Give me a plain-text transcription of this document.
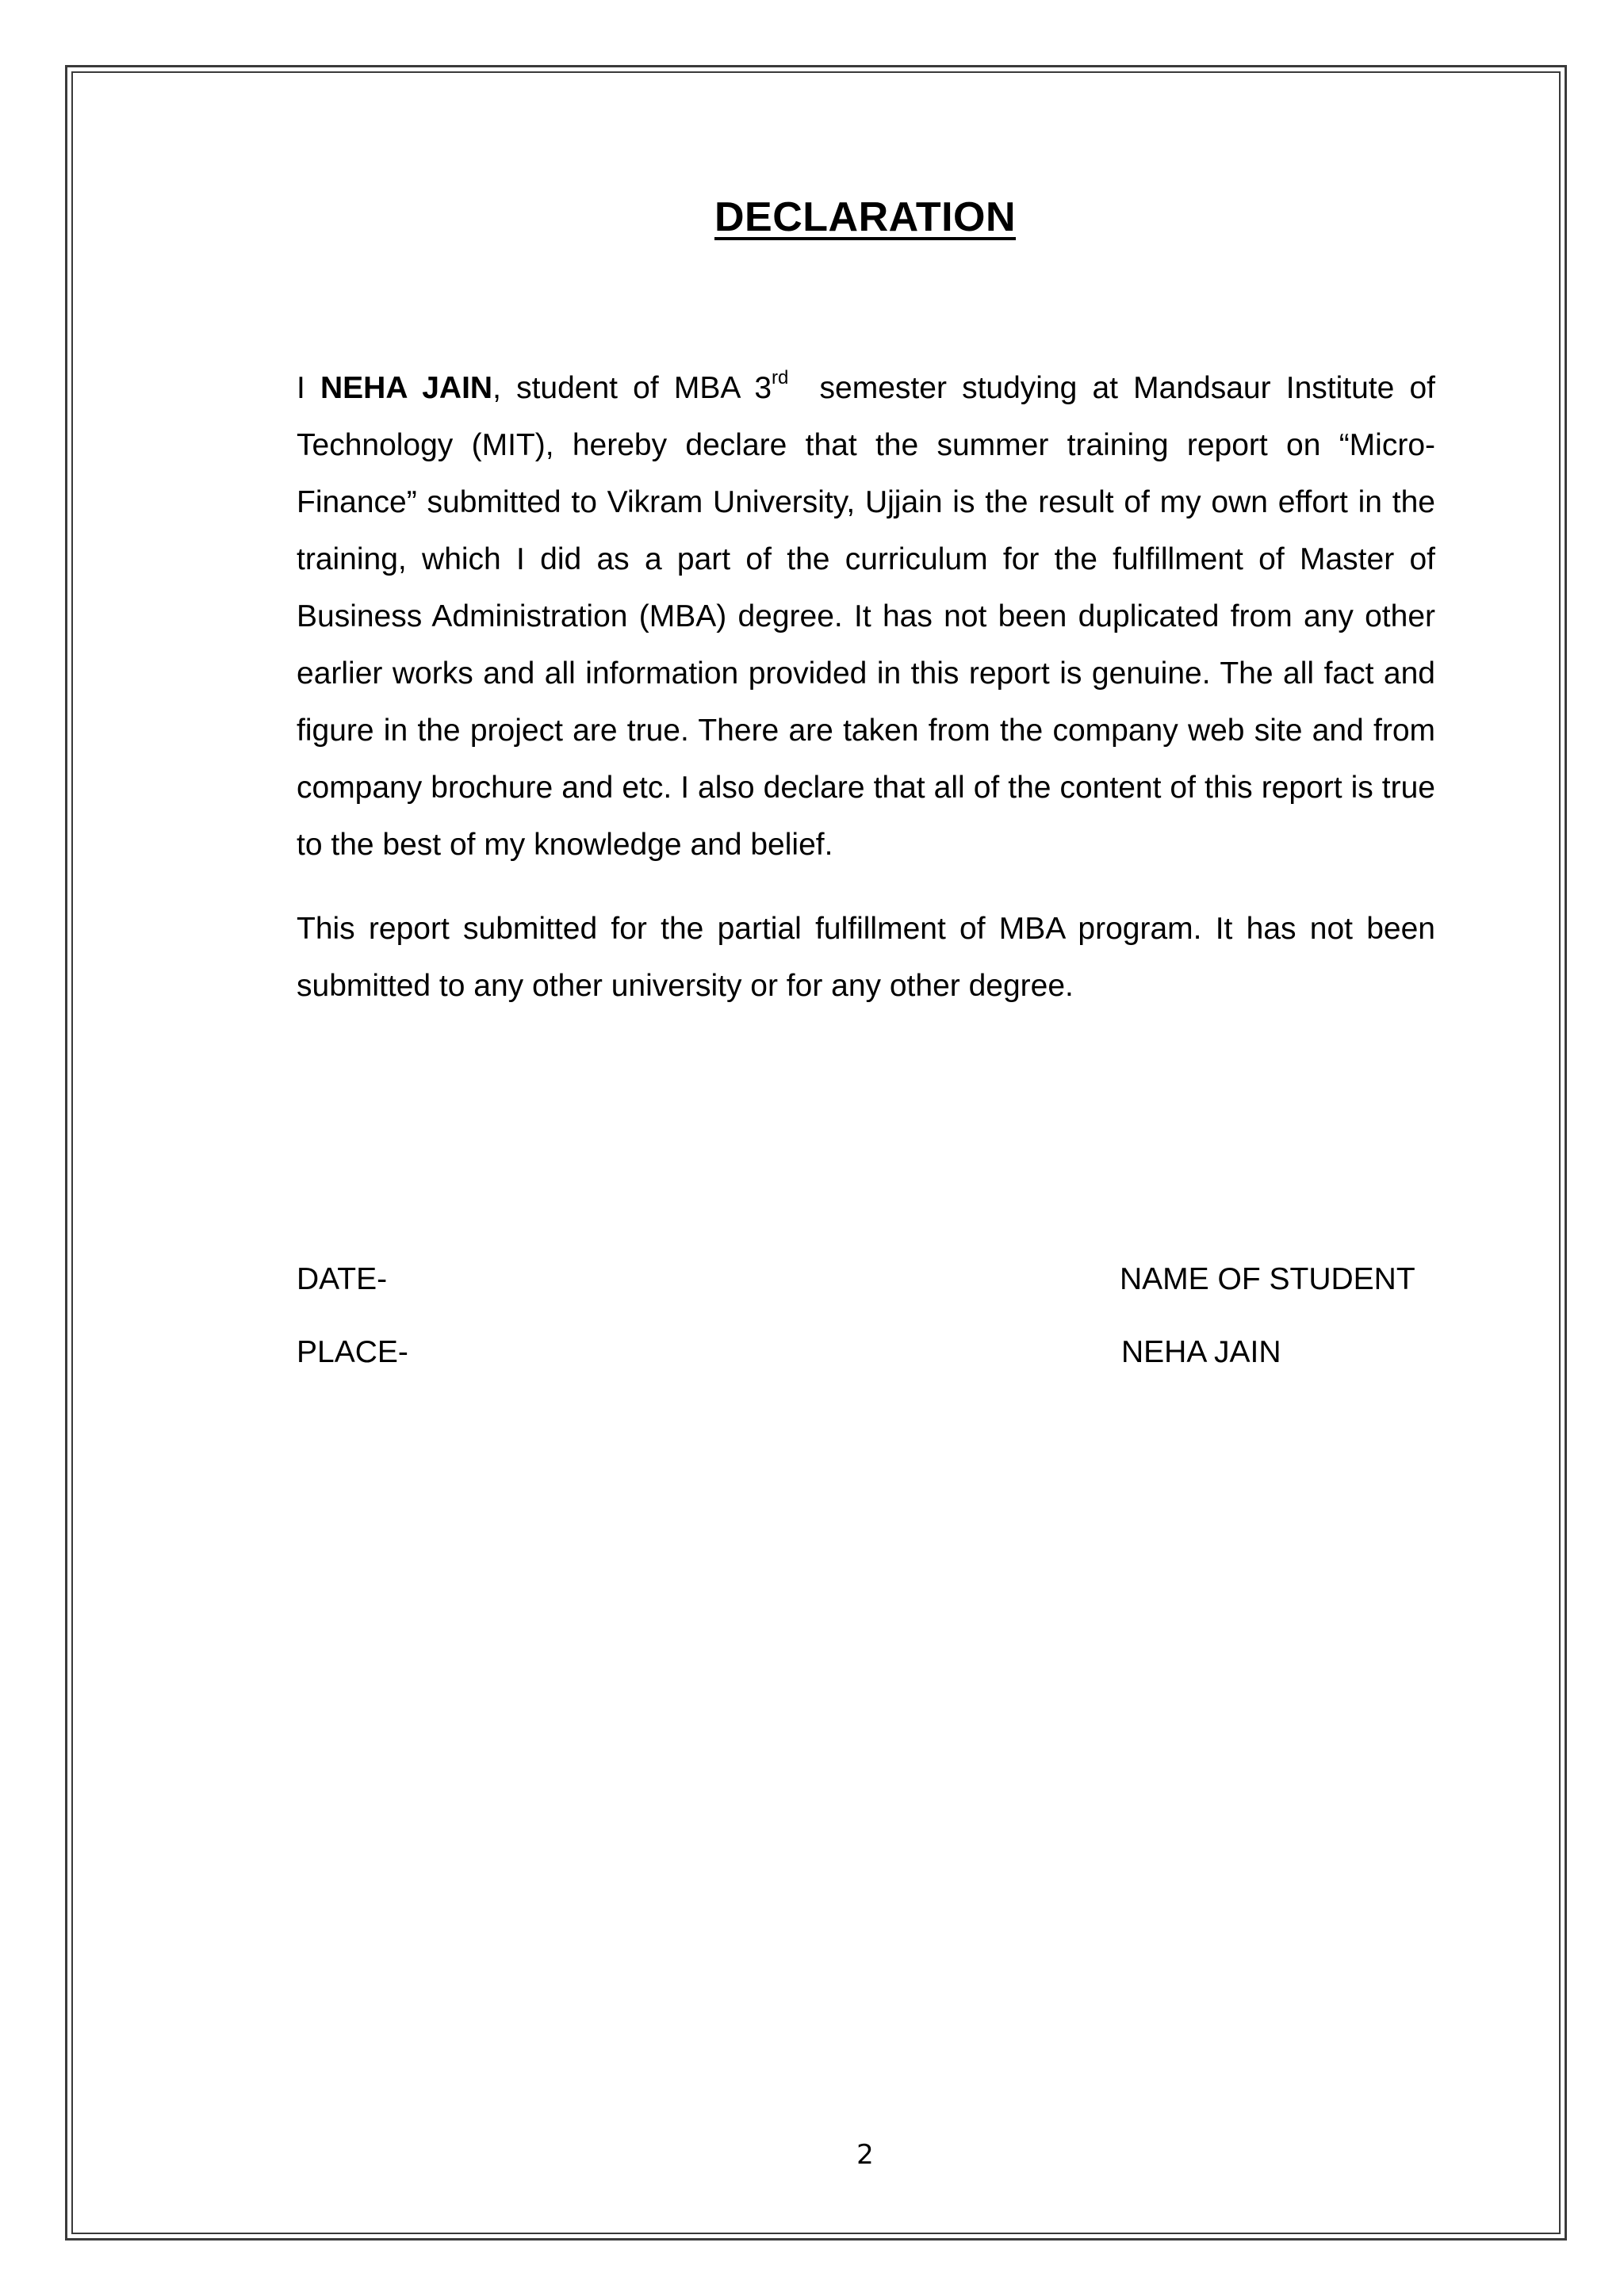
DECLARATION

I NEHA JAIN, student of MBA 3rd semester studying at Mandsaur Institute of Technology (MIT), hereby declare that the summer training report on “Micro-Finance” submitted to Vikram University, Ujjain is the result of my own effort in the training, which I did as a part of the curriculum for the fulfillment of Master of Business Administration (MBA) degree. It has not been duplicated from any other earlier works and all information provided in this report is genuine. The all fact and figure in the project are true. There are taken from the company web site and from company brochure and etc. I also declare that all of the content of this report is true to the best of my knowledge and belief.

This report submitted for the partial fulfillment of MBA program. It has not been submitted to any other university or for any other degree.

DATE-
PLACE-
NAME OF STUDENT
NEHA JAIN
2
